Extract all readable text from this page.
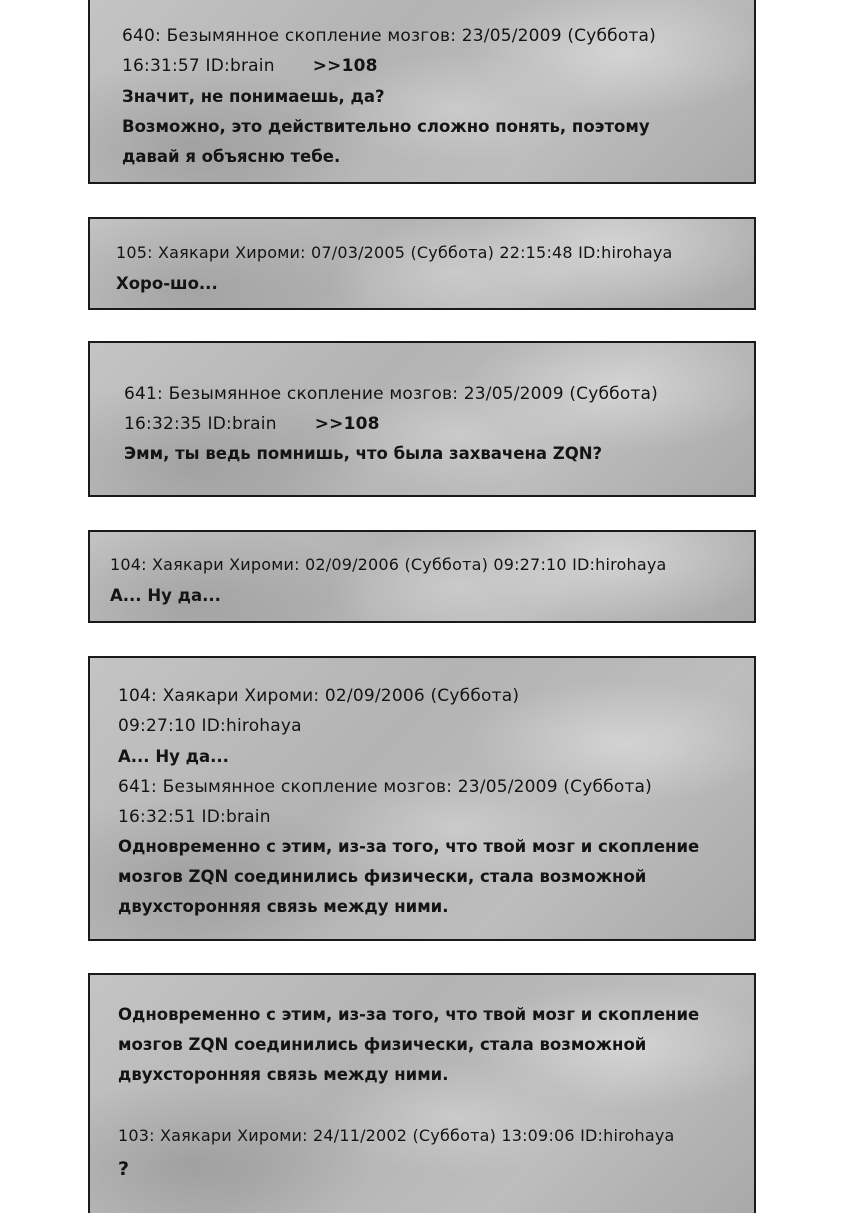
640: Безымянное скопление мозгов: 23/05/2009 (Суббота)
16:31:57 ID:brain >>108
Значит, не понимаешь, да?
Возможно, это действительно сложно понять, поэтому
давай я объясню тебе.
105: Хаякари Хироми: 07/03/2005 (Суббота) 22:15:48 ID:hirohaya
Хоро-шо...
641: Безымянное скопление мозгов: 23/05/2009 (Суббота)
16:32:35 ID:brain >>108
Эмм, ты ведь помнишь, что была захвачена ZQN?
104: Хаякари Хироми: 02/09/2006 (Суббота) 09:27:10 ID:hirohaya
А... Ну да...
104: Хаякари Хироми: 02/09/2006 (Суббота)
09:27:10 ID:hirohaya
А... Ну да...
641: Безымянное скопление мозгов: 23/05/2009 (Суббота)
16:32:51 ID:brain
Одновременно с этим, из-за того, что твой мозг и скопление
мозгов ZQN соединились физически, стала возможной
двухсторонняя связь между ними.
Одновременно с этим, из-за того, что твой мозг и скопление
мозгов ZQN соединились физически, стала возможной
двухсторонняя связь между ними.
103: Хаякари Хироми: 24/11/2002 (Суббота) 13:09:06 ID:hirohaya
?
